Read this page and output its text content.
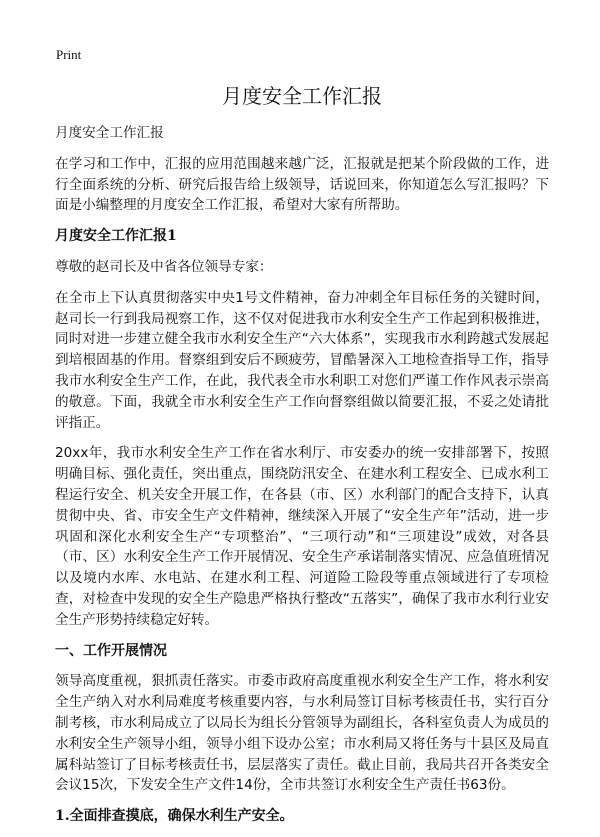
Print
月度安全工作汇报

月度安全工作汇报

在学习和工作中，汇报的应用范围越来越广泛，汇报就是把某个阶段做的工作，进行全面系统的分析、研究后报告给上级领导，话说回来，你知道怎么写汇报吗？下面是小编整理的月度安全工作汇报，希望对大家有所帮助。

月度安全工作汇报1

尊敬的赵司长及中省各位领导专家：

在全市上下认真贯彻落实中央1号文件精神，奋力冲刺全年目标任务的关键时间，赵司长一行到我局视察工作，这不仅对促进我市水利安全生产工作起到积极推进，同时对进一步建立健全我市水利安全生产“六大体系”，实现我市水利跨越式发展起到培根固基的作用。督察组到安后不顾疲劳，冒酷暑深入工地检查指导工作，指导我市水利安全生产工作，在此，我代表全市水利职工对您们严谨工作作风表示崇高的敬意。下面，我就全市水利安全生产工作向督察组做以简要汇报，不妥之处请批评指正。

20xx年，我市水利安全生产工作在省水利厅、市安委办的统一安排部署下，按照明确目标、强化责任，突出重点，围绕防汛安全、在建水利工程安全、已成水利工程运行安全、机关安全开展工作，在各县（市、区）水利部门的配合支持下，认真贯彻中央、省、市安全生产文件精神，继续深入开展了“安全生产年”活动，进一步巩固和深化水利安全生产“专项整治”、“三项行动”和“三项建设”成效，对各县（市、区）水利安全生产工作开展情况、安全生产承诺制落实情况、应急值班情况以及境内水库、水电站、在建水利工程、河道险工险段等重点领域进行了专项检查，对检查中发现的安全生产隐患严格执行整改“五落实”，确保了我市水利行业安全生产形势持续稳定好转。

一、工作开展情况

领导高度重视，狠抓责任落实。市委市政府高度重视水利安全生产工作，将水利安全生产纳入对水利局难度考核重要内容，与水利局签订目标考核责任书，实行百分制考核，市水利局成立了以局长为组长分管领导为副组长，各科室负责人为成员的水利安全生产领导小组，领导小组下设办公室；市水利局又将任务与十县区及局直属科站签订了目标考核责任书，层层落实了责任。截止目前，我局共召开各类安全会议15次，下发安全生产文件14份，全市共签订水利安全生产责任书63份。

1.全面排查摸底，确保水利生产安全。
